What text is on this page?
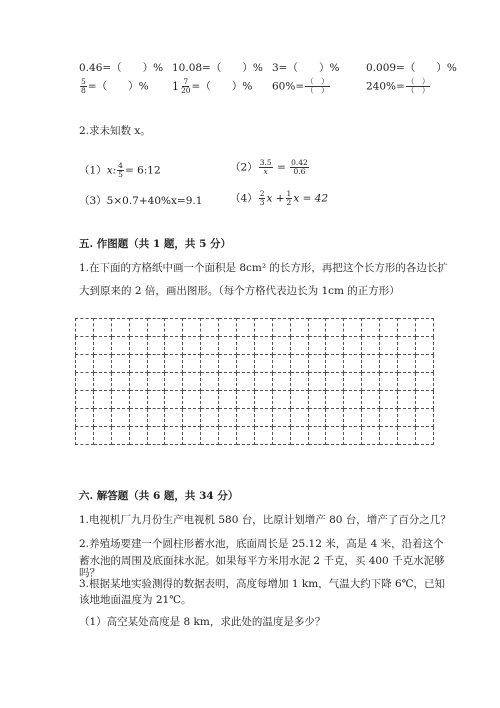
0.46=（　　）% 10.08=（　　）% 3=（　　）%	0.009=（　　）%
$\frac{5}{8}$ =（　　）% $1 \frac{7}{20}$ =（　　）% $60\%= \frac{( )}{( )}$	$240\%= \frac{( )}{( )}$
2.求未知数 x。
（1）x: $\frac{4}{5}$ = 6:12	$(2) \frac{3.5}{x} = \frac{0.42}{0.6}$
（3）5×0.7+40%x=9.1	$(4) \frac{2}{3}$ $x + \frac{1}{2}$ x = 42
五. 作图题（共 1 题，共 5 分）
1.在下面的方格纸中画一个面积是 8cm² 的长方形，再把这个长方形的各边长扩
大到原来的 2 倍，画出图形。（每个方格代表边长为 1cm 的正方形）

六. 解答题（共 6 题，共 34 分）
1.电视机厂九月份生产电视机 580 台，比原计划增产 80 台，增产了百分之几？
2.养殖场要建一个圆柱形蓄水池，底面周长是 25.12 米，高是 4 米，沿着这个
蓄水池的周围及底面抹水泥。如果每平方米用水泥 2 千克，买 400 千克水泥够
吗？
3.根据某地实验测得的数据表明，高度每增加 1 km，气温大约下降 6℃，已知
该地地面温度为 21℃。
（1）高空某处高度是 8 km，求此处的温度是多少？
